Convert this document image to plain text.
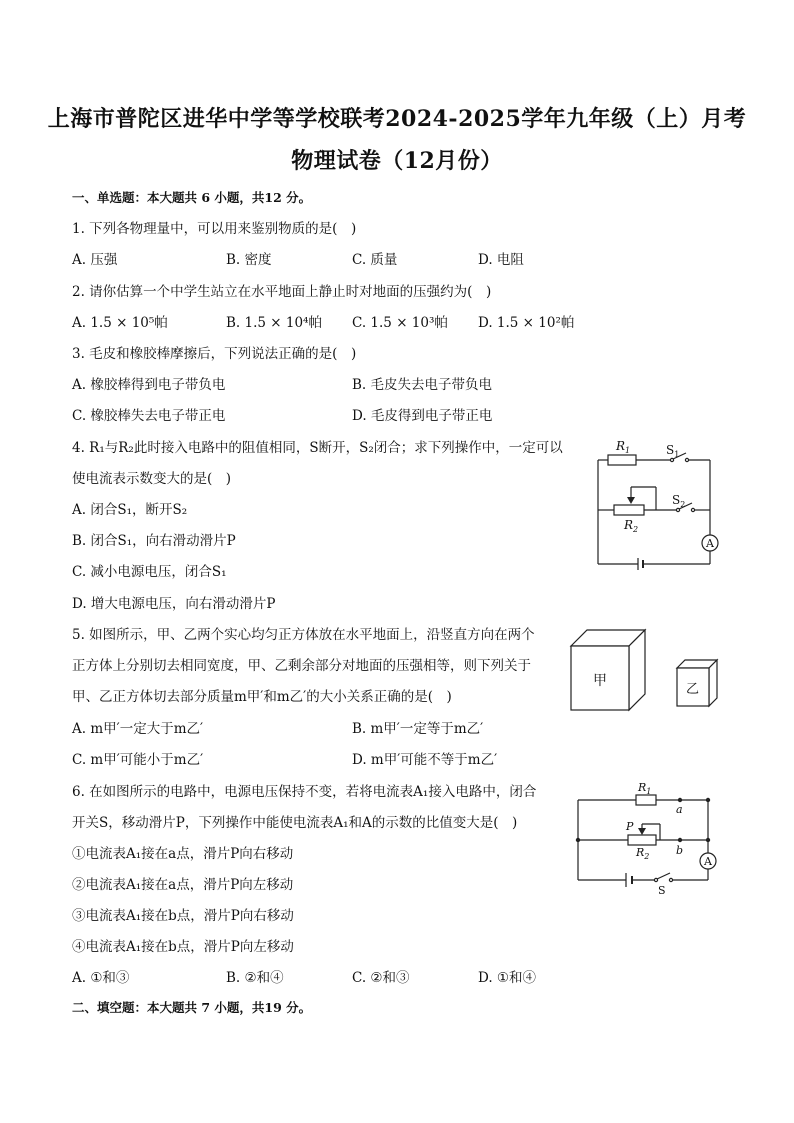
上海市普陀区进华中学等学校联考2024-2025学年九年级（上）月考
物理试卷（12月份）
一、单选题：本大题共 6 小题，共12 分。
1. 下列各物理量中，可以用来鉴别物质的是(　)
A. 压强	B. 密度	C. 质量	D. 电阻
2. 请你估算一个中学生站立在水平地面上静止时对地面的压强约为(　)
A. 1.5 × 10⁵帕	B. 1.5 × 10⁴帕 C. 1.5 × 10³帕 D. 1.5 × 10²帕
3. 毛皮和橡胶棒摩擦后，下列说法正确的是(　)
A. 橡胶棒得到电子带负电	B. 毛皮失去电子带负电
C. 橡胶棒失去电子带正电	D. 毛皮得到电子带正电
4. R₁与R₂此时接入电路中的阻值相同，S断开，S₂闭合；求下列操作中，一定可以
使电流表示数变大的是(　)
A. 闭合S₁，断开S₂
B. 闭合S₁，向右滑动滑片P
C. 减小电源电压，闭合S₁
D. 增大电源电压，向右滑动滑片P
$R_1$	$S_1$
$S_2$
$R_2$
A
5. 如图所示，甲、乙两个实心均匀正方体放在水平地面上，沿竖直方向在两个
正方体上分别切去相同宽度，甲、乙剩余部分对地面的压强相等，则下列关于
甲、乙正方体切去部分质量m甲′和m乙′的大小关系正确的是(　)
A. m甲′一定大于m乙′	B. m甲′一定等于m乙′
C. m甲′可能小于m乙′	D. m甲′可能不等于m乙′
甲
乙
6. 在如图所示的电路中，电源电压保持不变，若将电流表A₁接入电路中，闭合
开关S，移动滑片P，下列操作中能使电流表A₁和A的示数的比值变大是(　)
①电流表A₁接在a点，滑片P向右移动
②电流表A₁接在a点，滑片P向左移动
③电流表A₁接在b点，滑片P向右移动
④电流表A₁接在b点，滑片P向左移动
A. ①和③	B. ②和④	C. ②和③	D. ①和④
$R_1$
P
$R_2$
a
b
A
S
二、填空题：本大题共 7 小题，共19 分。
